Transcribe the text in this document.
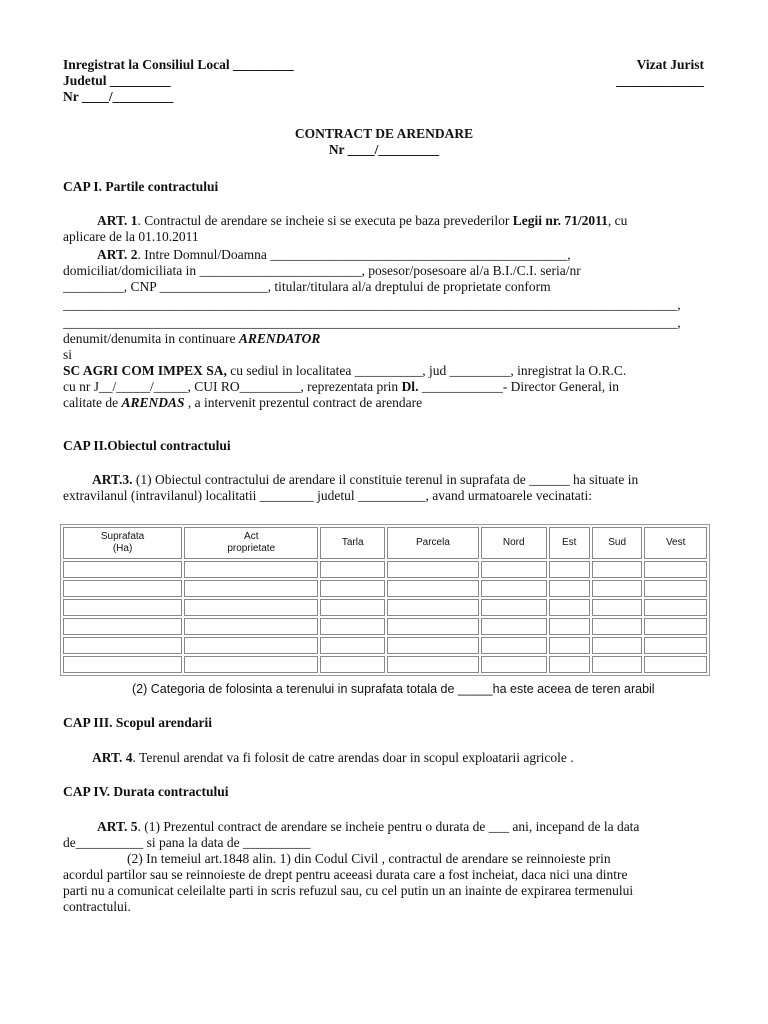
Inregistrat la Consiliul Local _________
Judetul _________
Nr ____/_________
Vizat Jurist
_____________
CONTRACT DE ARENDARE
Nr ____/_________
CAP I. Partile contractului

ART. 1. Contractul de arendare se incheie si se executa pe baza prevederilor Legii nr. 71/2011, cu

aplicare de la 01.10.2011

ART. 2. Intre Domnul/Doamna ____________________________________________,

domiciliat/domiciliata in ________________________, posesor/posesoare al/a B.I./C.I. seria/nr

_________, CNP ________________, titular/titulara al/a dreptului de proprietate conform

___________________________________________________________________________________________,

___________________________________________________________________________________________,

denumit/denumita in continuare ARENDATOR

si

SC AGRI COM IMPEX SA, cu sediul in localitatea __________, jud _________, inregistrat la O.R.C.

cu nr J__/_____/_____, CUI RO_________, reprezentata prin Dl. ____________- Director General, in

calitate de ARENDAS , a intervenit prezentul contract de arendare

CAP II.Obiectul contractului

ART.3. (1) Obiectul contractului de arendare il constituie terenul in suprafata de ______ ha situate in

extravilanul (intravilanul) localitatii ________ judetul __________, avand urmatoarele vecinatati:

Suprafata
(Ha)	Act
proprietate	Tarla	Parcela	Nord	Est	Sud	Vest

(2) Categoria de folosinta a terenului in suprafata totala de _____ha este aceea de teren arabil

CAP III. Scopul arendarii

ART. 4. Terenul arendat va fi folosit de catre arendas doar in scopul exploatarii agricole .

CAP IV. Durata contractului

ART. 5. (1) Prezentul contract de arendare se incheie pentru o durata de ___ ani, incepand de la data

de__________ si pana la data de __________

(2) In temeiul art.1848 alin. 1) din Codul Civil , contractul de arendare se reinnoieste prin

acordul partilor sau se reinnoieste de drept pentru aceeasi durata care a fost incheiat, daca nici una dintre

parti nu a comunicat celeilalte parti in scris refuzul sau, cu cel putin un an inainte de expirarea termenului

contractului.
